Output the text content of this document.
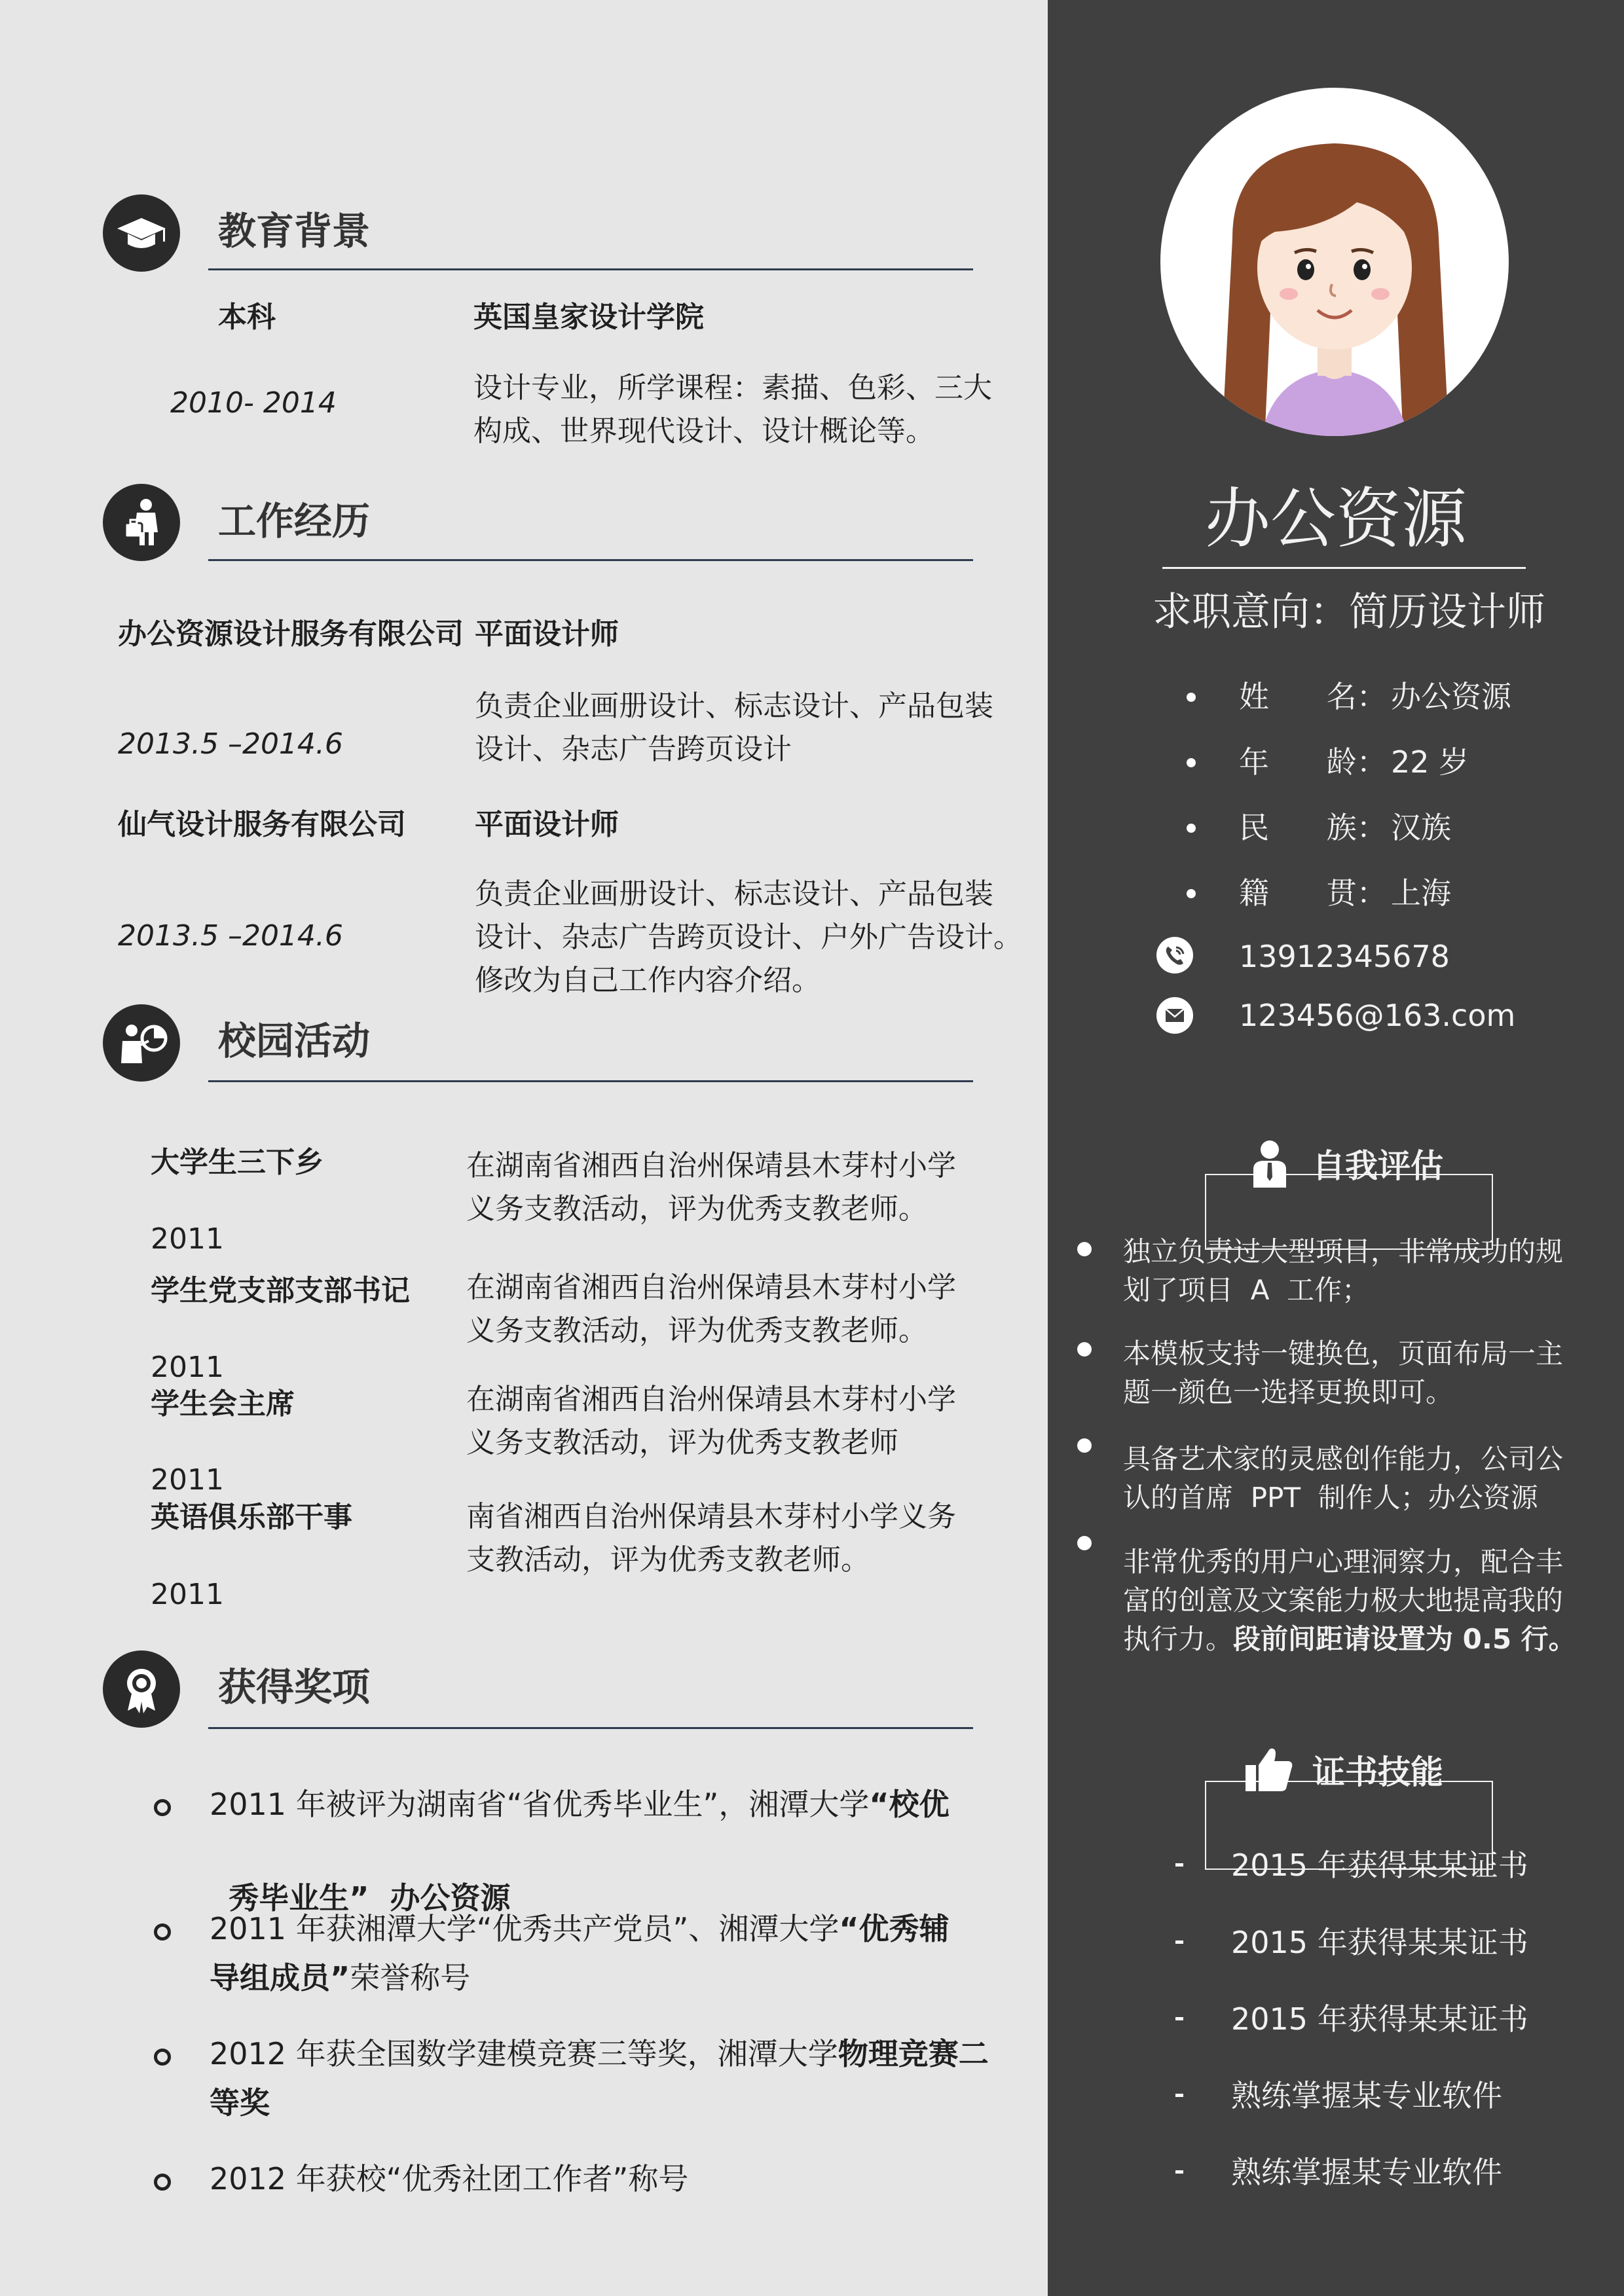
办公资源
求职意向：简历设计师
姓      名： 办公资源
年      龄： 22 岁
民      族： 汉族
籍      贯： 上海
13912345678
123456@163.com
自我评估
独立负责过大型项目，非常成功的规
划了项目  A  工作；
本模板支持一键换色，页面布局一主
题一颜色一选择更换即可。
具备艺术家的灵感创作能力，公司公
认的首席  PPT  制作人；办公资源
非常优秀的用户心理洞察力，配合丰
富的创意及文案能力极大地提高我的
执行力。段前间距请设置为 0.5 行。
证书技能
2015 年获得某某证书
2015 年获得某某证书
2015 年获得某某证书
熟练掌握某专业软件
熟练掌握某专业软件
教育背景
本科	英国皇家设计学院
2010- 2014	设计专业，所学课程：素描、色彩、三大
构成、世界现代设计、设计概论等。
工作经历
办公资源设计服务有限公司 平面设计师
2013.5 –2014.6
负责企业画册设计、标志设计、产品包装
设计、杂志广告跨页设计
仙气设计服务有限公司 平面设计师
2013.5 –2014.6
负责企业画册设计、标志设计、产品包装
设计、杂志广告跨页设计、户外广告设计。
修改为自己工作内容介绍。
校园活动
大学生三下乡
2011
在湖南省湘西自治州保靖县木芽村小学
义务支教活动，评为优秀支教老师。
学生党支部支部书记
2011
在湖南省湘西自治州保靖县木芽村小学
义务支教活动，评为优秀支教老师。
学生会主席
2011
在湖南省湘西自治州保靖县木芽村小学
义务支教活动，评为优秀支教老师
英语俱乐部干事
2011
南省湘西自治州保靖县木芽村小学义务
支教活动，评为优秀支教老师。
获得奖项
2011 年被评为湖南省“省优秀毕业生”，湘潭大学“校优

秀毕业生”  办公资源

2011 年获湘潭大学“优秀共产党员”、湘潭大学“优秀辅
导组成员”荣誉称号
2012 年获全国数学建模竞赛三等奖，湘潭大学物理竞赛二
等奖
2012 年获校“优秀社团工作者”称号
